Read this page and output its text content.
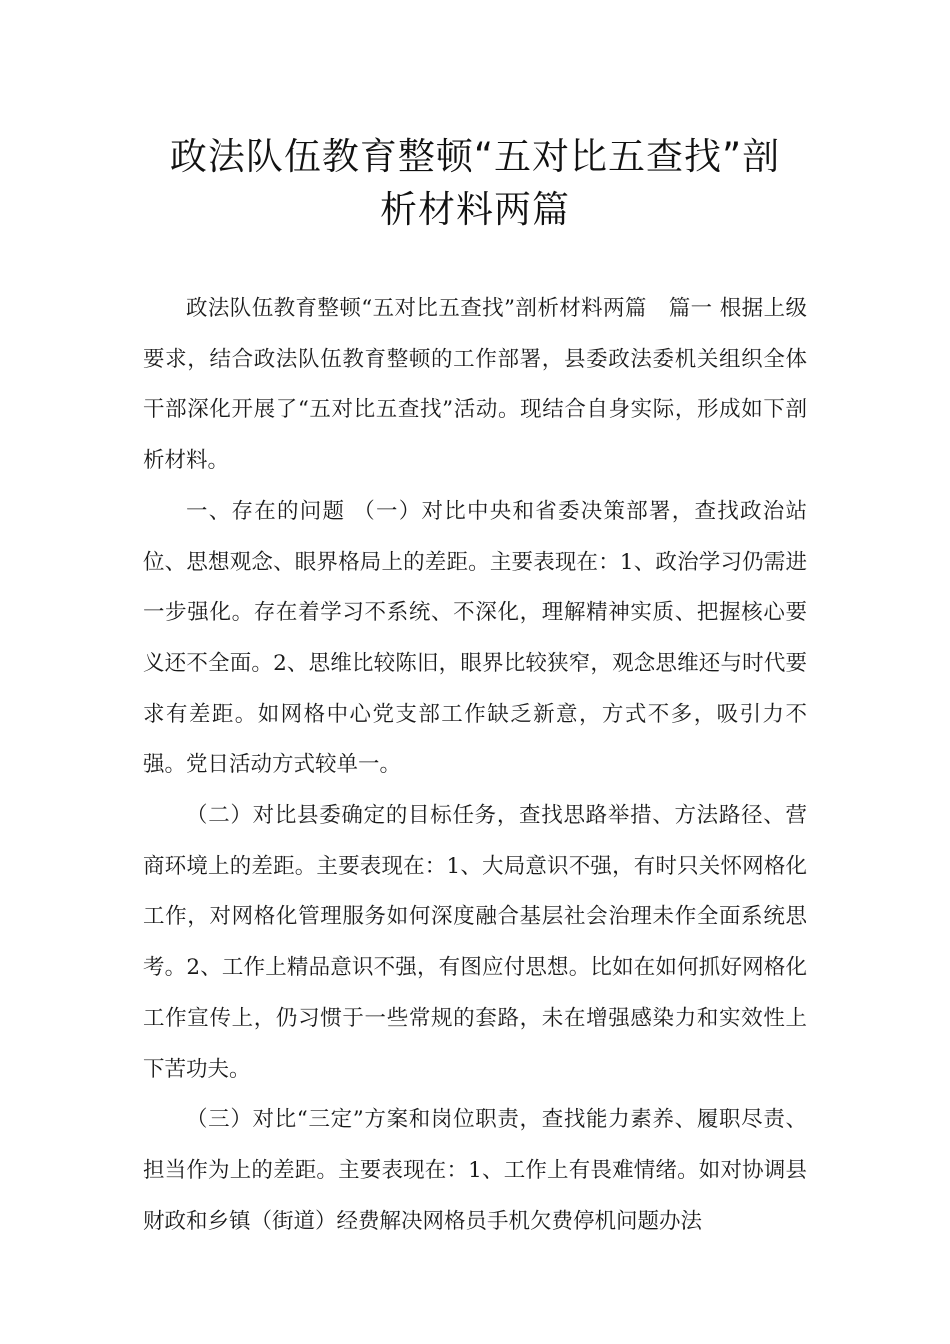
政法队伍教育整顿“五对比五查找”剖
析材料两篇

政法队伍教育整顿“五对比五查找”剖析材料两篇　篇一 根据上级要求，结合政法队伍教育整顿的工作部署，县委政法委机关组织全体干部深化开展了“五对比五查找”活动。现结合自身实际，形成如下剖析材料。

一、存在的问题 （一）对比中央和省委决策部署，查找政治站位、思想观念、眼界格局上的差距。主要表现在：1、政治学习仍需进一步强化。存在着学习不系统、不深化，理解精神实质、把握核心要义还不全面。2、思维比较陈旧，眼界比较狭窄，观念思维还与时代要求有差距。如网格中心党支部工作缺乏新意，方式不多，吸引力不强。党日活动方式较单一。

（二）对比县委确定的目标任务，查找思路举措、方法路径、营商环境上的差距。主要表现在：1、大局意识不强，有时只关怀网格化工作，对网格化管理服务如何深度融合基层社会治理未作全面系统思考。2、工作上精品意识不强，有图应付思想。比如在如何抓好网格化工作宣传上，仍习惯于一些常规的套路，未在增强感染力和实效性上下苦功夫。

（三）对比“三定”方案和岗位职责，查找能力素养、履职尽责、担当作为上的差距。主要表现在：1、工作上有畏难情绪。如对协调县财政和乡镇（街道）经费解决网格员手机欠费停机问题办法
